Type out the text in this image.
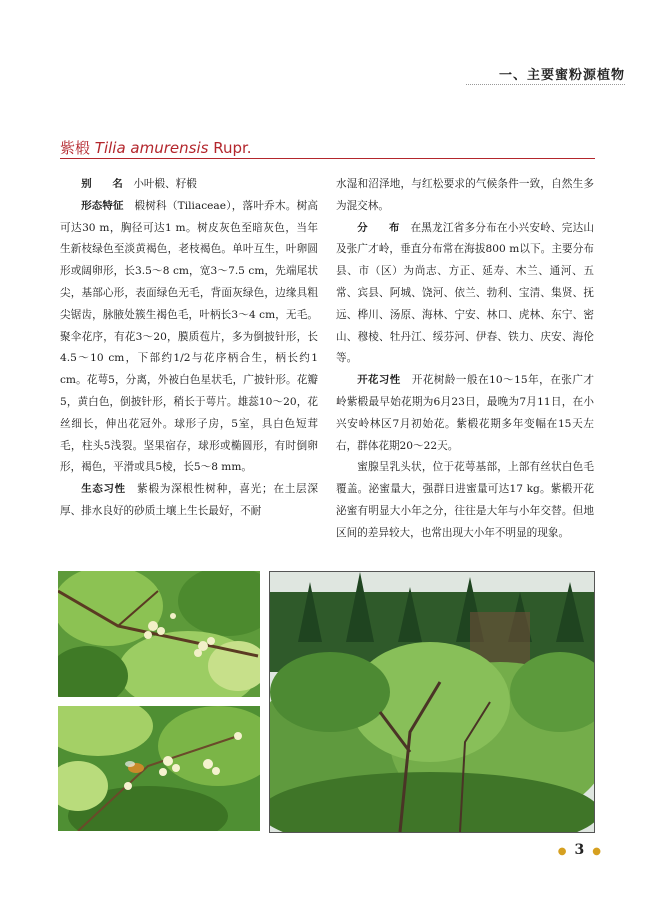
一、主要蜜粉源植物
紫椴 Tilia amurensis Rupr.

别　　名　 小叶椴、籽椴

形态特征　 椴树科（Tiliaceae），落叶乔木。树高可达30 m，胸径可达1 m。树皮灰色至暗灰色，当年生新枝绿色至淡黄褐色，老枝褐色。单叶互生，叶卵圆形或阔卵形，长3.5～8 cm，宽3～7.5 cm，先端尾状尖，基部心形，表面绿色无毛，背面灰绿色，边缘具粗尖锯齿，脉腋处簇生褐色毛，叶柄长3～4 cm，无毛。聚伞花序，有花3～20，膜质苞片，多为倒披针形，长4.5～10 cm，下部约1/2与花序柄合生，柄长约1 cm。花萼5，分离，外被白色星状毛，广披针形。花瓣5，黄白色，倒披针形，稍长于萼片。雄蕊10～20，花丝细长，伸出花冠外。球形子房，5室，具白色短茸毛，柱头5浅裂。坚果宿存，球形或椭圆形，有时倒卵形，褐色，平滑或具5棱，长5～8 mm。

生态习性　 紫椴为深根性树种，喜光；在土层深厚、排水良好的砂质土壤上生长最好，不耐

水湿和沼泽地，与红松要求的气候条件一致，自然生多为混交林。

分　　布　 在黑龙江省多分布在小兴安岭、完达山及张广才岭，垂直分布常在海拔800 m以下。主要分布县、市（区）为尚志、方正、延寿、木兰、通河、五常、宾县、阿城、饶河、依兰、勃利、宝清、集贤、抚远、桦川、汤原、海林、宁安、林口、虎林、东宁、密山、穆棱、牡丹江、绥芬河、伊春、铁力、庆安、海伦等。

开花习性　 开花树龄一般在10～15年，在张广才岭紫椴最早始花期为6月23日，最晚为7月11日，在小兴安岭林区7月初始花。紫椴花期多年变幅在15天左右，群体花期20～22天。

蜜腺呈乳头状，位于花萼基部，上部有丝状白色毛覆盖。泌蜜量大，强群日进蜜量可达17 kg。紫椴开花泌蜜有明显大小年之分，往往是大年与小年交替。但地区间的差异较大，也常出现大小年不明显的现象。

● 3 ●
